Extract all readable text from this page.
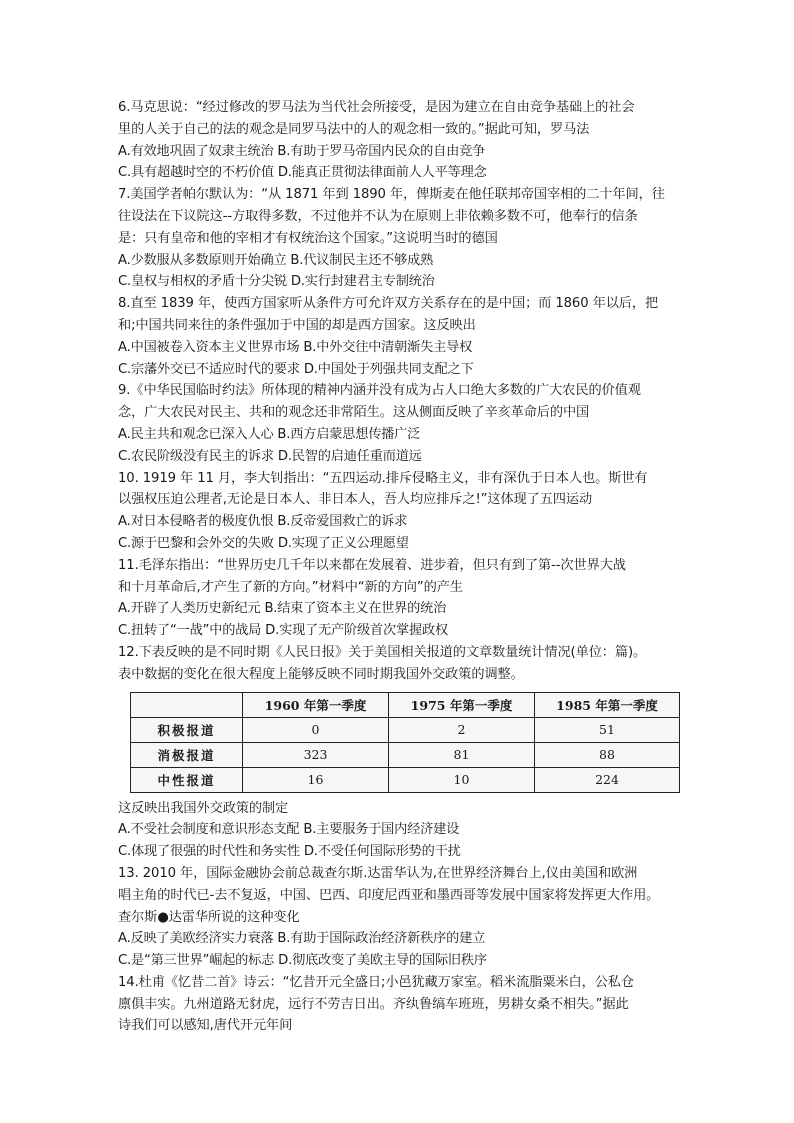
6.马克思说：“经过修改的罗马法为当代社会所接受，是因为建立在自由竞争基础上的社会
里的人关于自己的法的观念是同罗马法中的人的观念相一致的。”据此可知，罗马法
A.有效地巩固了奴隶主统治 B.有助于罗马帝国内民众的自由竞争
C.具有超越时空的不朽价值 D.能真正贯彻法律面前人人平等理念
7.美国学者帕尔默认为：“从 1871 年到 1890 年，俾斯麦在他任联邦帝国宰相的二十年间，往
往设法在下议院这--方取得多数，不过他并不认为在原则上非依赖多数不可，他奉行的信条
是：只有皇帝和他的宰相才有权统治这个国家。”这说明当时的德国
A.少数服从多数原则开始确立 B.代议制民主还不够成熟
C.皇权与相权的矛盾十分尖锐 D.实行封建君主专制统治
8.直至 1839 年，使西方国家听从条件方可允许双方关系存在的是中国；而 1860 年以后，把
和;中国共同来往的条件强加于中国的却是西方国家。这反映出
A.中国被卷入资本主义世界市场 B.中外交往中清朝渐失主导权
C.宗藩外交已不适应时代的要求 D.中国处于列强共同支配之下
9.《中华民国临时约法》所体现的精神内涵并没有成为占人口绝大多数的广大农民的价值观
念，广大农民对民主、共和的观念还非常陌生。这从侧面反映了辛亥革命后的中国
A.民主共和观念已深入人心 B.西方启蒙思想传播广泛
C.农民阶级没有民主的诉求 D.民智的启迪任重而道远
10. 1919 年 11 月，李大钊指出：“五四运动.排斥侵略主义，非有深仇于日本人也。斯世有
以强权压迫公理者,无论是日本人、非日本人，吾人均应排斥之!”这体现了五四运动
A.对日本侵略者的极度仇恨 B.反帝爱国救亡的诉求
C.源于巴黎和会外交的失败 D.实现了正义公理愿望
11.毛泽东指出：“世界历史几千年以来都在发展着、进步着，但只有到了第--次世界大战
和十月革命后,才产生了新的方向。”材料中“新的方向”的产生
A.开辟了人类历史新纪元 B.结束了资本主义在世界的统治
C.扭转了“一战”中的战局 D.实现了无产阶级首次掌握政权
12.下表反映的是不同时期《人民日报》关于美国相关报道的文章数量统计情况(单位：篇)。
表中数据的变化在很大程度上能够反映不同时期我国外交政策的调整。
	1960 年第一季度	1975 年第一季度	1985 年第一季度
积极报道	0	2	51
消极报道	323	81	88
中性报道	16	10	224
这反映出我国外交政策的制定
A.不受社会制度和意识形态支配 B.主要服务于国内经济建设
C.体现了很强的时代性和务实性 D.不受任何国际形势的干扰
13. 2010 年，国际金融协会前总裁查尔斯.达雷华认为,在世界经济舞台上,仪由美国和欧洲
唱主角的时代已-去不复返，中国、巴西、印度尼西亚和墨西哥等发展中国家将发挥更大作用。
查尔斯●达雷华所说的这种变化
A.反映了美欧经济实力衰落 B.有助于国际政治经济新秩序的建立
C.是“第三世界”崛起的标志 D.彻底改变了美欧主导的国际旧秩序
14.杜甫《忆昔二首》诗云：“忆昔开元全盛日;小邑犹藏万家室。稻米流脂粟米白，公私仓
廪俱丰实。九州道路无豺虎，远行不劳吉日出。齐纨鲁缟车班班，男耕女桑不相失。”据此
诗我们可以感知,唐代开元年间
